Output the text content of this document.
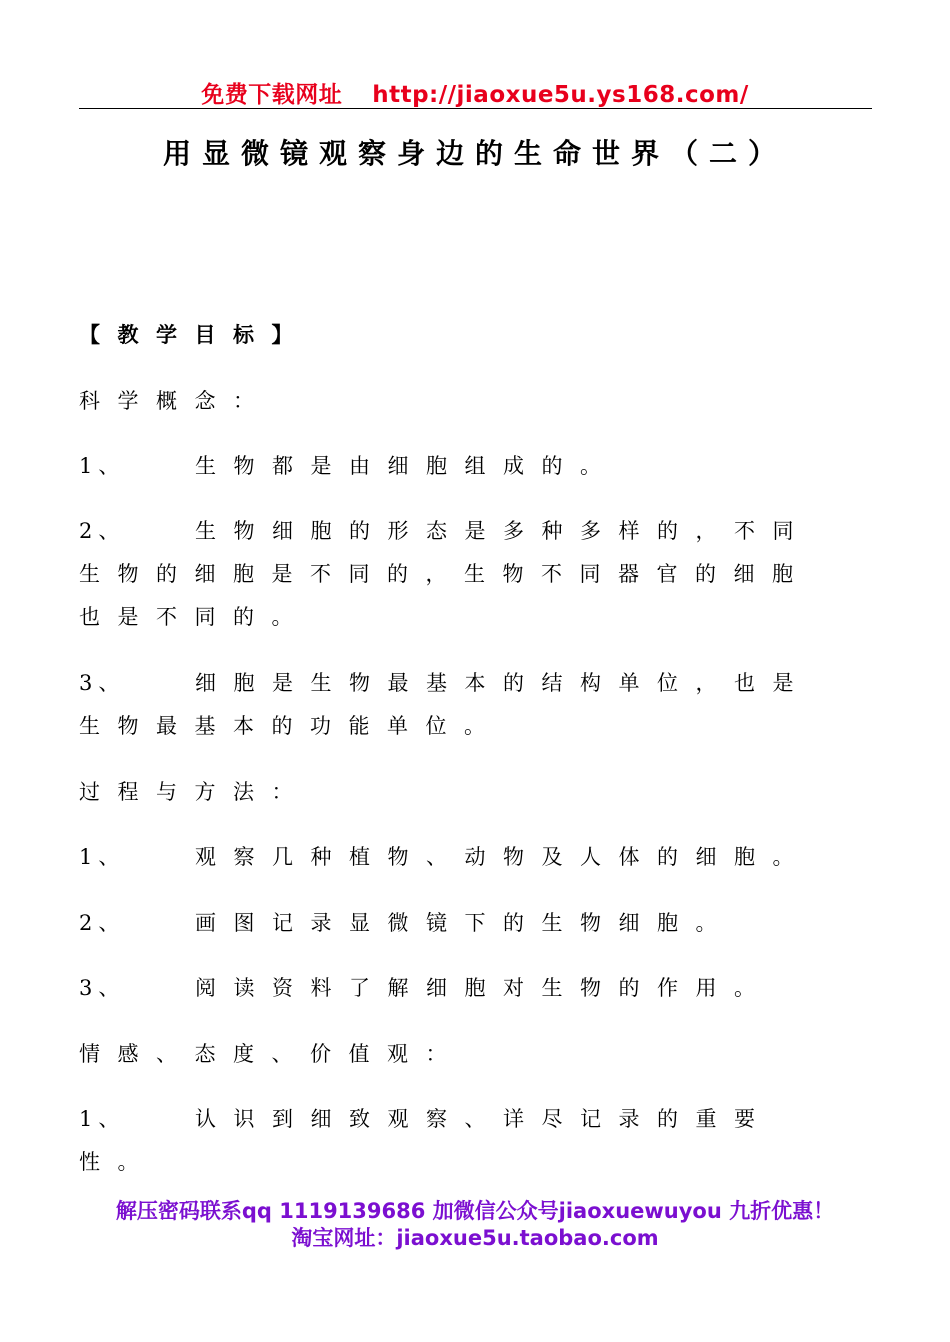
免费下载网址 http://jiaoxue5u.ys168.com/
用显微镜观察身边的生命世界（二）
【教学目标】
科学概念：
1、	生物都是由细胞组成的。
2、	生物细胞的形态是多种多样的，不同生物的细胞是不同的，生物不同器官的细胞也是不同的。
3、	细胞是生物最基本的结构单位，也是生物最基本的功能单位。
过程与方法：
1、	观察几种植物、动物及人体的细胞。
2、	画图记录显微镜下的生物细胞。
3、	阅读资料了解细胞对生物的作用。
情感、态度、价值观：
1、	认识到细致观察、详尽记录的重要性。
解压密码联系qq 1119139686 加微信公众号jiaoxuewuyou 九折优惠！
淘宝网址：jiaoxue5u.taobao.com
